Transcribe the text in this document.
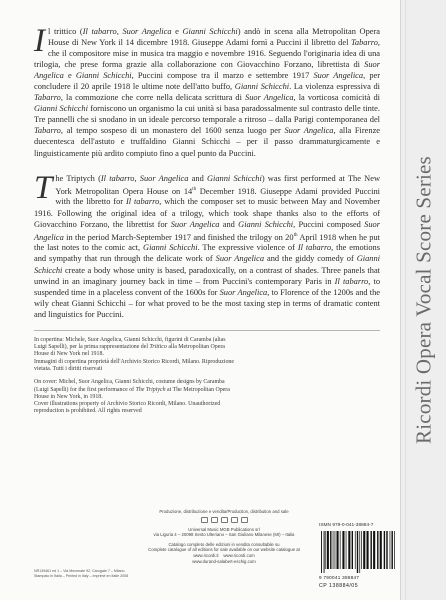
Il trittico (Il tabarro, Suor Angelica e Gianni Schicchi) andò in scena alla Metropolitan Opera House di New York il 14 dicembre 1918. Giuseppe Adami fornì a Puccini il libretto del Tabarro, che il compositore mise in musica tra maggio e novembre 1916. Seguendo l'originaria idea di una trilogia, che prese forma grazie alla collaborazione con Giovacchino Forzano, librettista di Suor Angelica e Gianni Schicchi, Puccini compose tra il marzo e settembre 1917 Suor Angelica, per concludere il 20 aprile 1918 le ultime note dell'atto buffo, Gianni Schicchi. La violenza espressiva di Tabarro, la commozione che corre nella delicata scrittura di Suor Angelica, la vorticosa comicità di Gianni Schicchi forniscono un organismo la cui unità si basa paradossalmente sul contrasto delle tinte. Tre pannelli che si snodano in un ideale percorso temporale a ritroso – dalla Parigi contemporanea del Tabarro, al tempo sospeso di un monastero del 1600 senza luogo per Suor Angelica, alla Firenze duecentesca dell'astuto e truffaldino Gianni Schicchi – per il passo drammaturgicamente e linguisticamente più ardito compiuto fino a quel punto da Puccini.

The Triptych (Il tabarro, Suor Angelica and Gianni Schicchi) was first performed at The New York Metropolitan Opera House on 14th December 1918. Giuseppe Adami provided Puccini with the libretto for Il tabarro, which the composer set to music between May and November 1916. Following the original idea of a trilogy, which took shape thanks also to the efforts of Giovacchino Forzano, the librettist for Suor Angelica and Gianni Schicchi, Puccini composed Suor Angelica in the period March-September 1917 and finished the trilogy on 20th April 1918 when he put the last notes to the comic act, Gianni Schicchi. The expressive violence of Il tabarro, the emotions and sympathy that run through the delicate work of Suor Angelica and the giddy comedy of Gianni Schicchi create a body whose unity is based, paradoxically, on a contrast of shades. Three panels that unwind in an imaginary journey back in time – from Puccini's contemporary Paris in Il tabarro, to suspended time in a placeless convent of the 1600s for Suor Angelica, to Florence of the 1200s and the wily cheat Gianni Schicchi – for what proved to be the most taxing step in terms of dramatic content and linguistics for Puccini.

In copertina: Michele, Suor Angelica, Gianni Schicchi, figurini di Caramba (alias Luigi Sapelli), per la prima rappresentazione del Trittico alla Metropolitan Opera House di New York nel 1918.
Immagini di copertina proprietà dell'Archivio Storico Ricordi, Milano. Riproduzione vietata. Tutti i diritti riservati

On cover: Michel, Suor Angelica, Gianni Schicchi, costume designs by Caramba (Luigi Sapelli) for the first performance of The Triptych at The Metropolitan Opera House in New York, in 1918.
Cover illustrations property of Archivio Storico Ricordi, Milano. Unauthorized reproduction is prohibited. All rights reserved

NR139461 ed 1 – Via Mecenate 92, Carugate 7 – Milano

Stampato in Italia – Printed in Italy – Imprimé en Italie 2008

Produzione, distribuzione e vendita/Production, distribution and sale

Universal Music MGB Publications srl

via Liguria 4 – 20098 Sesto Ulteriano – San Giuliano Milanese (MI) – Italia

Catalogo completo delle edizioni in vendita consultabile su

Complete catalogue of all editions for sale available on our website catalogue at

www.ricordi.it www.ricordi.com

www.durand-salabert-eschig.com

ISMN 979-0-041-38884-7
9 790041 388847
CP 138884/05
Ricordi Opera Vocal Score Series
